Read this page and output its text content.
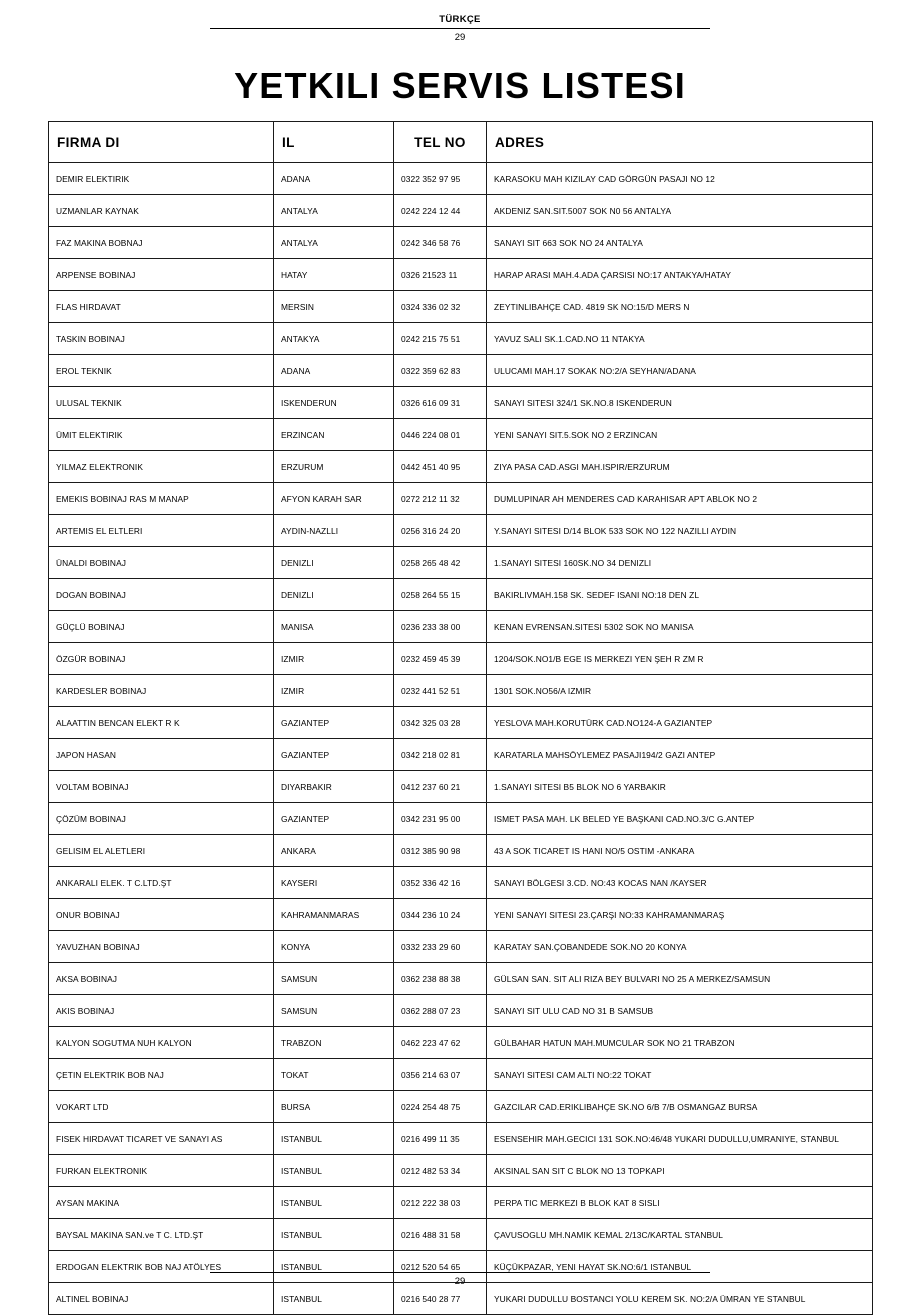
TÜRKÇE
29
YETKILI SERVIS LISTESI
FIRMA DI	IL	TEL NO	ADRES
DEMIR ELEKTIRIK	ADANA	0322 352 97 95	KARASOKU MAH KIZILAY CAD GÖRGÜN PASAJI NO 12
UZMANLAR KAYNAK	ANTALYA	0242 224 12 44	AKDENIZ SAN.SIT.5007 SOK N0 56 ANTALYA
FAZ MAKINA BOBNAJ	ANTALYA	0242 346 58 76	SANAYI SIT 663 SOK NO 24 ANTALYA
ARPENSE BOBINAJ	HATAY	0326 21523 11	HARAP ARASI MAH.4.ADA ÇARSISI NO:17 ANTAKYA/HATAY
FLAS HIRDAVAT	MERSIN	0324 336 02 32	ZEYTINLIBAHÇE CAD. 4819 SK NO:15/D MERS N
TASKIN BOBINAJ	ANTAKYA	0242 215 75 51	YAVUZ SALI SK.1.CAD.NO 11 NTAKYA
EROL TEKNIK	ADANA	0322 359 62 83	ULUCAMI MAH.17 SOKAK NO:2/A SEYHAN/ADANA
ULUSAL TEKNIK	ISKENDERUN	0326 616 09 31	SANAYI SITESI 324/1 SK.NO.8 ISKENDERUN
ÜMIT ELEKTIRIK	ERZINCAN	0446 224 08 01	YENI SANAYI SIT.5.SOK NO 2 ERZINCAN
YILMAZ ELEKTRONIK	ERZURUM	0442 451 40 95	ZIYA PASA CAD.ASGI MAH.ISPIR/ERZURUM
EMEKIS BOBINAJ RAS M MANAP	AFYON KARAH SAR	0272 212 11 32	DUMLUPINAR AH MENDERES CAD KARAHISAR APT ABLOK NO 2
ARTEMIS EL ELTLERI	AYDIN-NAZLLI	0256 316 24 20	Y.SANAYI SITESI D/14 BLOK 533 SOK NO 122 NAZILLI AYDIN
ÜNALDI BOBINAJ	DENIZLI	0258 265 48 42	1.SANAYI SITESI 160SK.NO 34 DENIZLI
DOGAN BOBINAJ	DENIZLI	0258 264 55 15	BAKIRLIVMAH.158 SK. SEDEF ISANI NO:18 DEN ZL
GÜÇLÜ BOBINAJ	MANISA	0236 233 38 00	KENAN EVRENSAN.SITESI 5302 SOK NO MANISA
ÖZGÜR BOBINAJ	IZMIR	0232 459 45 39	1204/SOK.NO1/B EGE IS MERKEZI YEN ŞEH R ZM R
KARDESLER BOBINAJ	IZMIR	0232 441 52 51	1301 SOK.NO56/A IZMIR
ALAATTIN BENCAN ELEKT R K	GAZIANTEP	0342 325 03 28	YESLOVA MAH.KORUTÜRK CAD.NO124-A GAZIANTEP
JAPON HASAN	GAZIANTEP	0342 218 02 81	KARATARLA MAHSÖYLEMEZ PASAJI194/2 GAZI ANTEP
VOLTAM BOBINAJ	DIYARBAKIR	0412 237 60 21	1.SANAYI SITESI B5 BLOK NO 6 YARBAKIR
ÇÖZÜM BOBINAJ	GAZIANTEP	0342 231 95 00	ISMET PASA MAH. LK BELED YE BAŞKANI CAD.NO.3/C G.ANTEP
GELISIM EL ALETLERI	ANKARA	0312 385 90 98	43 A SOK TICARET IS HANI NO/5 OSTIM -ANKARA
ANKARALI ELEK. T C.LTD.ŞT	KAYSERI	0352 336 42 16	SANAYI BÖLGESI 3.CD. NO:43 KOCAS NAN /KAYSER
ONUR BOBINAJ	KAHRAMANMARAS	0344 236 10 24	YENI SANAYI SITESI 23.ÇARŞI NO:33 KAHRAMANMARAŞ
YAVUZHAN BOBINAJ	KONYA	0332 233 29 60	KARATAY SAN.ÇOBANDEDE SOK.NO 20 KONYA
AKSA BOBINAJ	SAMSUN	0362 238 88 38	GÜLSAN SAN. SIT ALI RIZA BEY BULVARI NO 25 A MERKEZ/SAMSUN
AKIS BOBINAJ	SAMSUN	0362 288 07 23	SANAYI SIT ULU CAD NO 31 B SAMSUB
KALYON SOGUTMA NUH KALYON	TRABZON	0462 223 47 62	GÜLBAHAR HATUN MAH.MUMCULAR SOK NO 21 TRABZON
ÇETIN ELEKTRIK BOB NAJ	TOKAT	0356 214 63 07	SANAYI SITESI CAM ALTI NO:22 TOKAT
VOKART LTD	BURSA	0224 254 48 75	GAZCILAR CAD.ERIKLIBAHÇE SK.NO 6/B 7/B OSMANGAZ BURSA
FISEK HIRDAVAT TICARET VE SANAYI AS	ISTANBUL	0216 499 11 35	ESENSEHIR MAH.GECICI 131 SOK.NO:46/48 YUKARI DUDULLU,UMRANIYE, STANBUL
FURKAN ELEKTRONIK	ISTANBUL	0212 482 53 34	AKSINAL SAN SIT C BLOK NO 13 TOPKAPI
AYSAN MAKINA	ISTANBUL	0212 222 38 03	PERPA TIC MERKEZI B BLOK KAT 8 SISLI
BAYSAL MAKINA SAN.ve T C. LTD.ŞT	ISTANBUL	0216 488 31 58	ÇAVUSOGLU MH.NAMIK KEMAL 2/13C/KARTAL STANBUL
ERDOGAN ELEKTRIK BOB NAJ ATÖLYES	ISTANBUL	0212 520 54 65	KÜÇÜKPAZAR, YENI HAYAT SK.NO:6/1 ISTANBUL
ALTINEL BOBINAJ	ISTANBUL	0216 540 28 77	YUKARI DUDULLU BOSTANCI YOLU KEREM SK. NO:2/A ÜMRAN YE STANBUL
29
